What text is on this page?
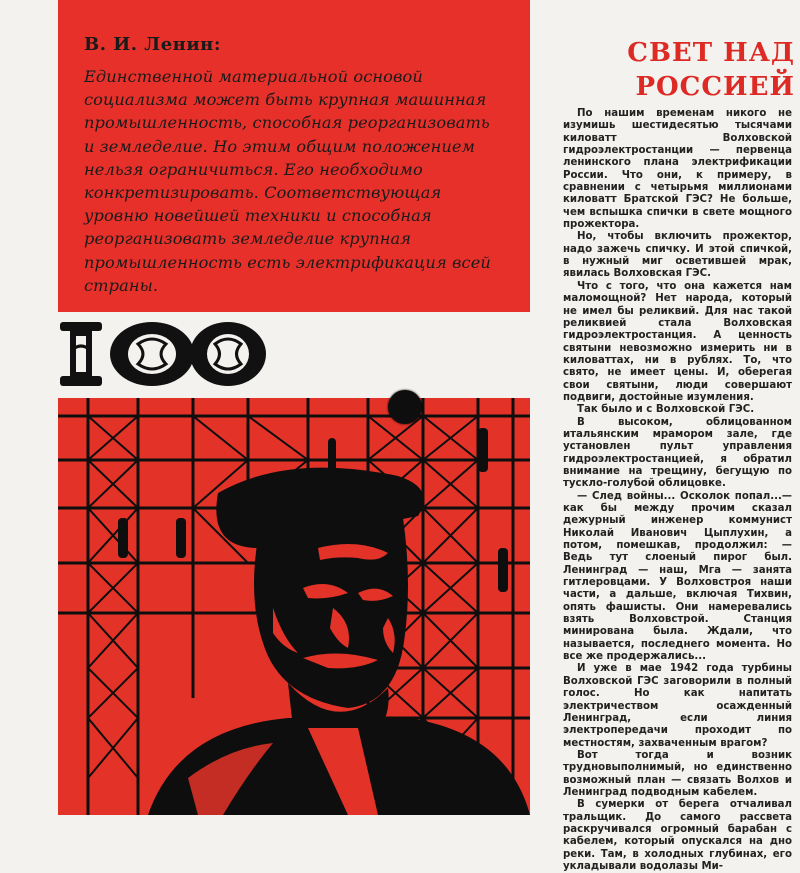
В. И. Ленин:
Единственной материальной основой социализма может быть крупная машинная промышленность, способная реорганизовать и земледелие. Но этим общим положением нельзя ограничиться. Его необходимо конкретизировать. Соответствующая уровню новейшей техники и способная реорганизовать земледелие крупная промышленность есть электрификация всей страны.
СВЕТ НАД
РОССИЕЙ

По нашим временам никого не изумишь шестидесятью тысячами киловатт Волховской гидроэлектростанции — первенца ленинского плана электрификации России. Что они, к примеру, в сравнении с четырьмя миллионами киловатт Братской ГЭС? Не больше, чем вспышка спички в свете мощного прожектора.

Но, чтобы включить прожектор, надо зажечь спичку. И этой спичкой, в нужный миг осветившей мрак, явилась Волховская ГЭС.

Что с того, что она кажется нам маломощной? Нет народа, который не имел бы реликвий. Для нас такой реликвией стала Волховская гидроэлектростанция. А ценность святыни невозможно измерить ни в киловаттах, ни в рублях. То, что свято, не имеет цены. И, оберегая свои святыни, люди совершают подвиги, достойные изумления.

Так было и с Волховской ГЭС.

В высоком, облицованном итальянским мрамором зале, где установлен пульт управления гидроэлектростанцией, я обратил внимание на трещину, бегущую по тускло-голубой облицовке.

— След войны... Осколок попал...— как бы между прочим сказал дежурный инженер коммунист Николай Иванович Цыплухин, а потом, помешкав, продолжил: — Ведь тут слоеный пирог был. Ленинград — наш, Мга — занята гитлеровцами. У Волховстроя наши части, а дальше, включая Тихвин, опять фашисты. Они намеревались взять Волховстрой. Станция минирована была. Ждали, что называется, последнего момента. Но все же продержались...

И уже в мае 1942 года турбины Волховской ГЭС заговорили в полный голос. Но как напитать электричеством осажденный Ленинград, если линия электропередачи проходит по местностям, захваченным врагом?

Вот тогда и возник трудновыполнимый, но единственно возможный план — связать Волхов и Ленинград подводным кабелем.

В сумерки от берега отчаливал тральщик. До самого рассвета раскручивался огромный барабан с кабелем, который опускался на дно реки. Там, в холодных глубинах, его укладывали водолазы Ми-
